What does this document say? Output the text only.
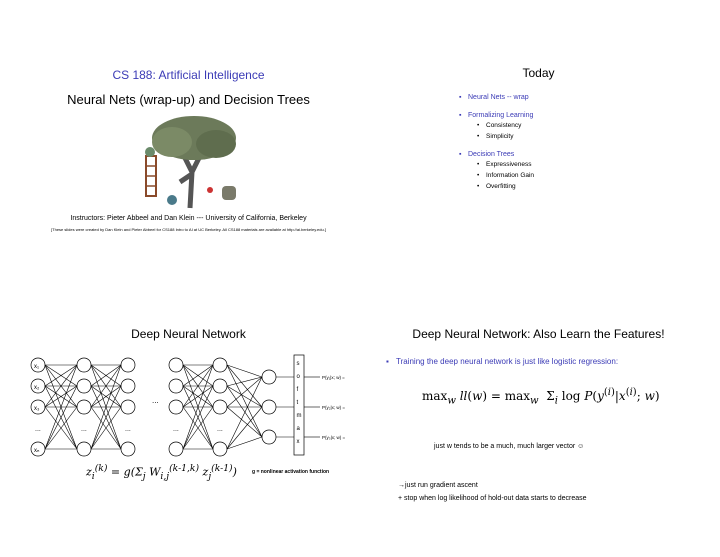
CS 188: Artificial Intelligence
Neural Nets (wrap-up) and Decision Trees
Instructors: Pieter Abbeel and Dan Klein --- University of California, Berkeley
[These slides were created by Dan Klein and Pieter Abbeel for CS188 Intro to AI at UC Berkeley. All CS188 materials are available at http://ai.berkeley.edu.]
Today
▪ Neural Nets -- wrap
▪ Formalizing Learning
• Consistency
• Simplicity
▪ Decision Trees
• Expressiveness
• Information Gain
• Overfitting
Deep Neural Network
x₁
x₂
x₃
...
xₙ
...	...	...	...
...
s
o
f
t
m
a
x
P(y₁|x; w) =
P(y₂|x; w) =
P(y₃|x; w) =
$z_i^{(k)} = g(\Sigma_j$ $W_{i,j}^{(k-1,k)}$ $z_j^{(k-1)}$)	g = nonlinear activation function
Deep Neural Network: Also Learn the Features!
▪ Training the deep neural network is just like logistic regression:
$\max_w ll(w) = \max_w \Sigma_i$ $\log P(y^{(i)}|x^{(i)}$; w)
just w tends to be a much, much larger vector ☺
→just run gradient ascent
+ stop when log likelihood of hold-out data starts to decrease
